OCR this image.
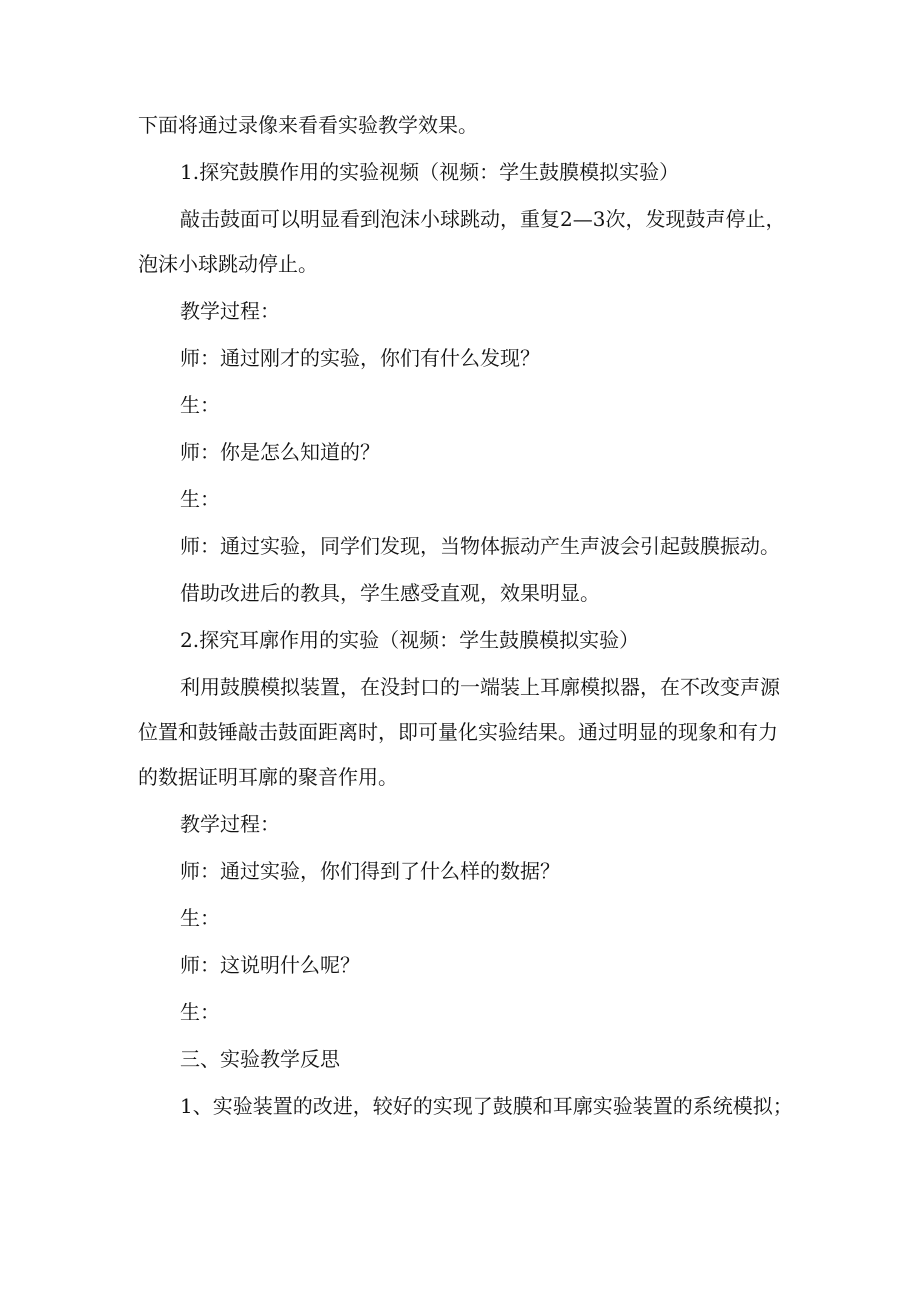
下面将通过录像来看看实验教学效果。

1.探究鼓膜作用的实验视频（视频：学生鼓膜模拟实验）

敲击鼓面可以明显看到泡沫小球跳动，重复2—3次，发现鼓声停止，

泡沫小球跳动停止。

教学过程：

师：通过刚才的实验，你们有什么发现？

生：

师：你是怎么知道的？

生：

师：通过实验，同学们发现，当物体振动产生声波会引起鼓膜振动。

借助改进后的教具，学生感受直观，效果明显。

2.探究耳廓作用的实验（视频：学生鼓膜模拟实验）

利用鼓膜模拟装置，在没封口的一端装上耳廓模拟器，在不改变声源

位置和鼓锤敲击鼓面距离时，即可量化实验结果。通过明显的现象和有力

的数据证明耳廓的聚音作用。

教学过程：

师：通过实验，你们得到了什么样的数据？

生：

师：这说明什么呢？

生：

三、实验教学反思

1、实验装置的改进，较好的实现了鼓膜和耳廓实验装置的系统模拟；
